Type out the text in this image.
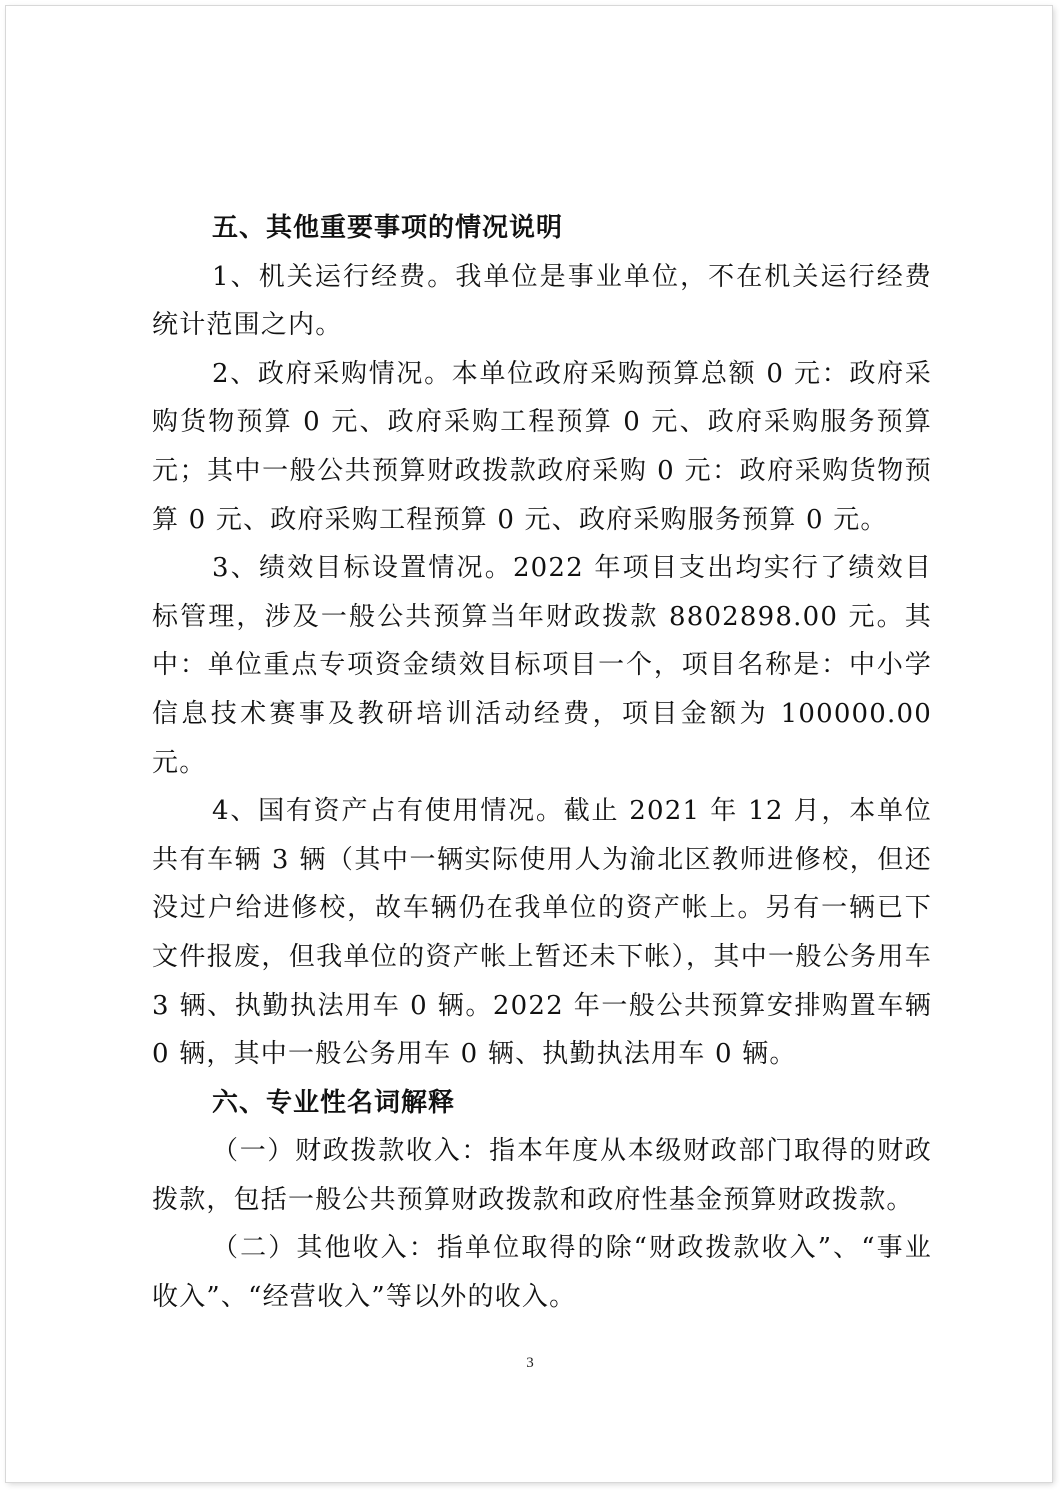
五、其他重要事项的情况说明

1、机关运行经费。我单位是事业单位，不在机关运行经费统计范围之内。

2、政府采购情况。本单位政府采购预算总额 0 元：政府采购货物预算 0 元、政府采购工程预算 0 元、政府采购服务预算元；其中一般公共预算财政拨款政府采购 0 元：政府采购货物预算 0 元、政府采购工程预算 0 元、政府采购服务预算 0 元。

3、绩效目标设置情况。2022 年项目支出均实行了绩效目标管理，涉及一般公共预算当年财政拨款 8802898.00 元。其中：单位重点专项资金绩效目标项目一个，项目名称是：中小学信息技术赛事及教研培训活动经费，项目金额为 100000.00 元。

4、国有资产占有使用情况。截止 2021 年 12 月，本单位共有车辆 3 辆（其中一辆实际使用人为渝北区教师进修校，但还没过户给进修校，故车辆仍在我单位的资产帐上。另有一辆已下文件报废，但我单位的资产帐上暂还未下帐），其中一般公务用车 3 辆、执勤执法用车 0 辆。2022 年一般公共预算安排购置车辆 0 辆，其中一般公务用车 0 辆、执勤执法用车 0 辆。

六、专业性名词解释

（一）财政拨款收入：指本年度从本级财政部门取得的财政拨款，包括一般公共预算财政拨款和政府性基金预算财政拨款。

（二）其他收入：指单位取得的除“财政拨款收入”、“事业收入”、“经营收入”等以外的收入。

3
